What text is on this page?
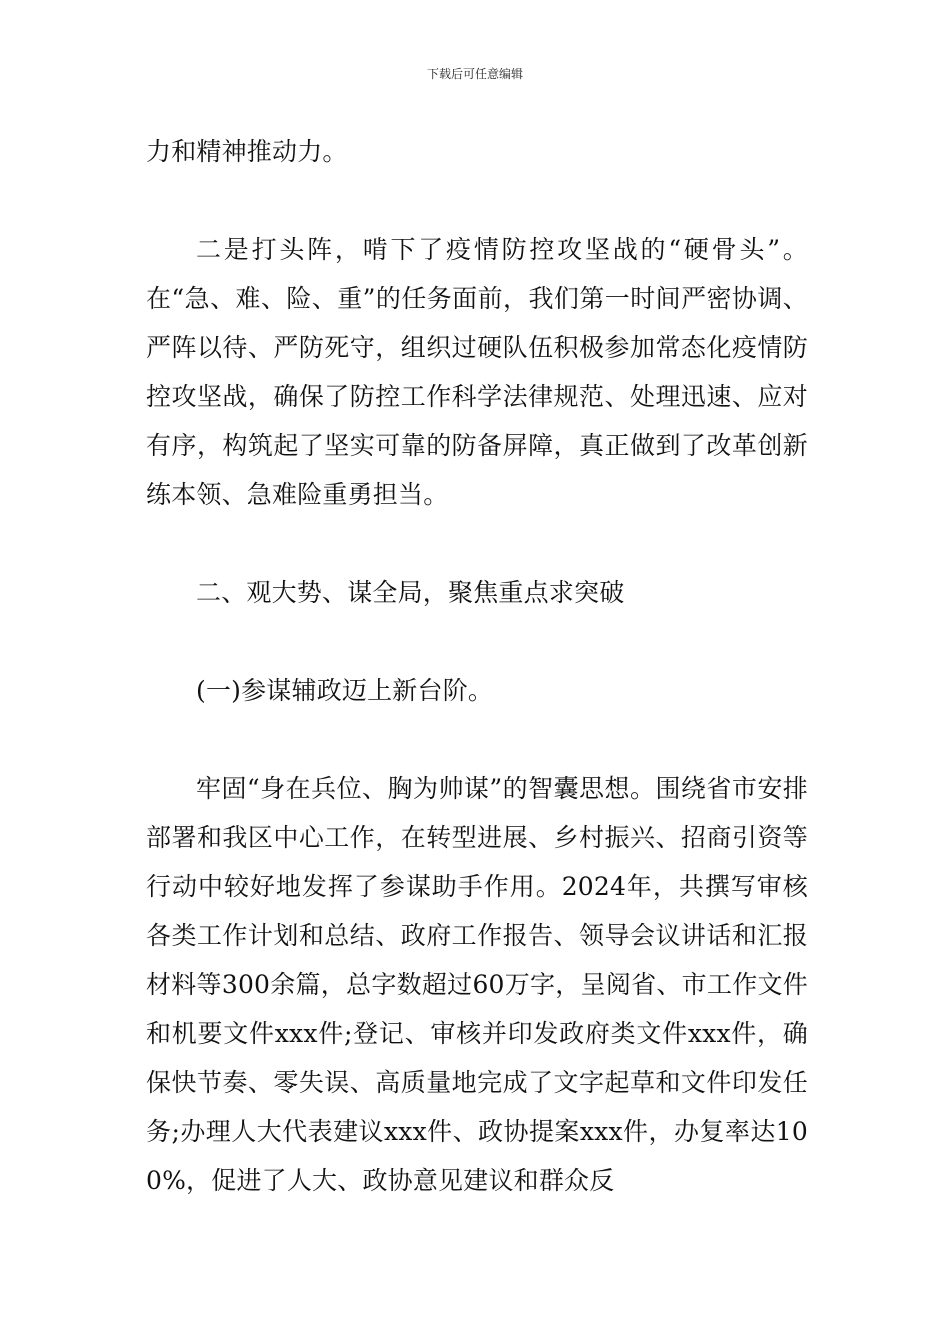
下载后可任意编辑

力和精神推动力。

二是打头阵，啃下了疫情防控攻坚战的“硬骨头”。在“急、难、险、重”的任务面前，我们第一时间严密协调、严阵以待、严防死守，组织过硬队伍积极参加常态化疫情防控攻坚战，确保了防控工作科学法律规范、处理迅速、应对有序，构筑起了坚实可靠的防备屏障，真正做到了改革创新练本领、急难险重勇担当。

二、观大势、谋全局，聚焦重点求突破

(一)参谋辅政迈上新台阶。

牢固“身在兵位、胸为帅谋”的智囊思想。围绕省市安排部署和我区中心工作，在转型进展、乡村振兴、招商引资等行动中较好地发挥了参谋助手作用。2024年，共撰写审核各类工作计划和总结、政府工作报告、领导会议讲话和汇报材料等300余篇，总字数超过60万字，呈阅省、市工作文件和机要文件xxx件;登记、审核并印发政府类文件xxx件，确保快节奏、零失误、高质量地完成了文字起草和文件印发任务;办理人大代表建议xxx件、政协提案xxx件，办复率达100%，促进了人大、政协意见建议和群众反
